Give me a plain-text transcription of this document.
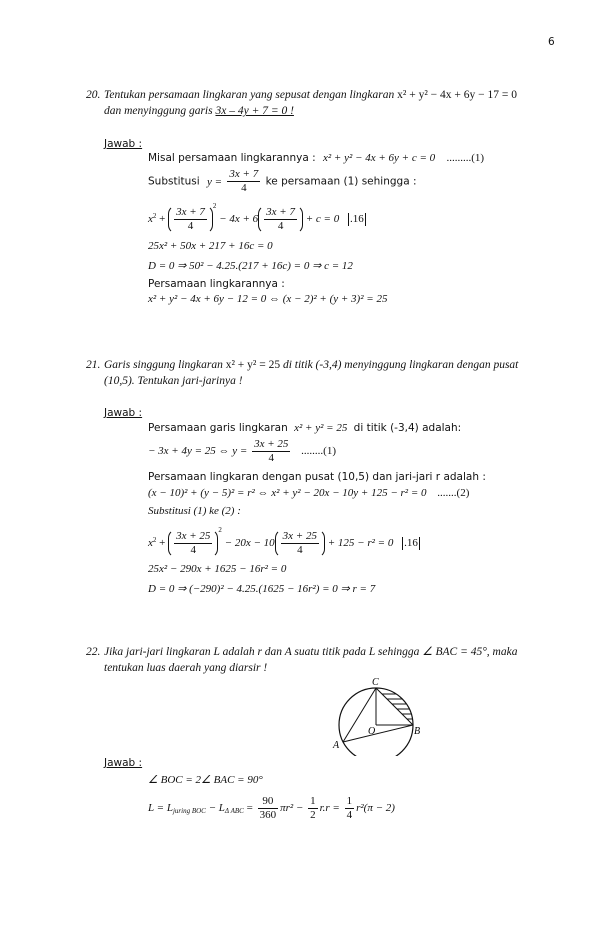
6
20. Tentukan persamaan lingkaran yang sepusat dengan lingkaran x² + y² − 4x + 6y − 17 = 0
dan menyinggung garis 3x – 4y + 7 = 0 !
Jawab :
Misal persamaan lingkarannya : x² + y² − 4x + 6y + c = 0 .........(1)
Substitusi $y = \frac{3x + 7}{4}$ ke persamaan (1) sehingga :
$x^2 + \frac{3x + 7}{4} ^2 - 4x + 6 \frac{3x + 7}{4} + c = 0$ .16
25x² + 50x + 217 + 16c = 0
D = 0 ⇒ 50² − 4.25.(217 + 16c) = 0 ⇒ c = 12
Persamaan lingkarannya :
x² + y² − 4x + 6y − 12 = 0 ⇔ (x − 2)² + (y + 3)² = 25
21. Garis singgung lingkaran x² + y² = 25 di titik (-3,4) menyinggung lingkaran dengan pusat
(10,5). Tentukan jari-jarinya !
Jawab :
Persamaan garis lingkaran x² + y² = 25 di titik (-3,4) adalah:
− 3x + 4y = 25 ⇔ $y = \frac{3x + 25}{4} ........(1)$
Persamaan lingkaran dengan pusat (10,5) dan jari-jari r adalah :
(x − 10)² + (y − 5)² = r² ⇔ x² + y² − 20x − 10y + 125 − r² = 0 .......(2)
Substitusi (1) ke (2) :
$x^2 + \frac{3x + 25}{4} ^2 - 20x - 10 \frac{3x + 25}{4} + 125 - r^2 = 0$ .16
25x² − 290x + 1625 − 16r² = 0
D = 0 ⇒ (−290)² − 4.25.(1625 − 16r²) = 0 ⇒ r = 7
22. Jika jari-jari lingkaran L adalah r dan A suatu titik pada L sehingga ∠ BAC = 45°, maka
tentukan luas daerah yang diarsir !
C
O	B
A
Jawab :
∠ BOC = 2∠ BAC = 90°
$L = L_{juring BOC} - L_{\Delta ABC} = \frac{90}{360} \pi r^2 - \frac{1}{2} r.r = \frac{1}{4} r^2(\pi - 2)$
